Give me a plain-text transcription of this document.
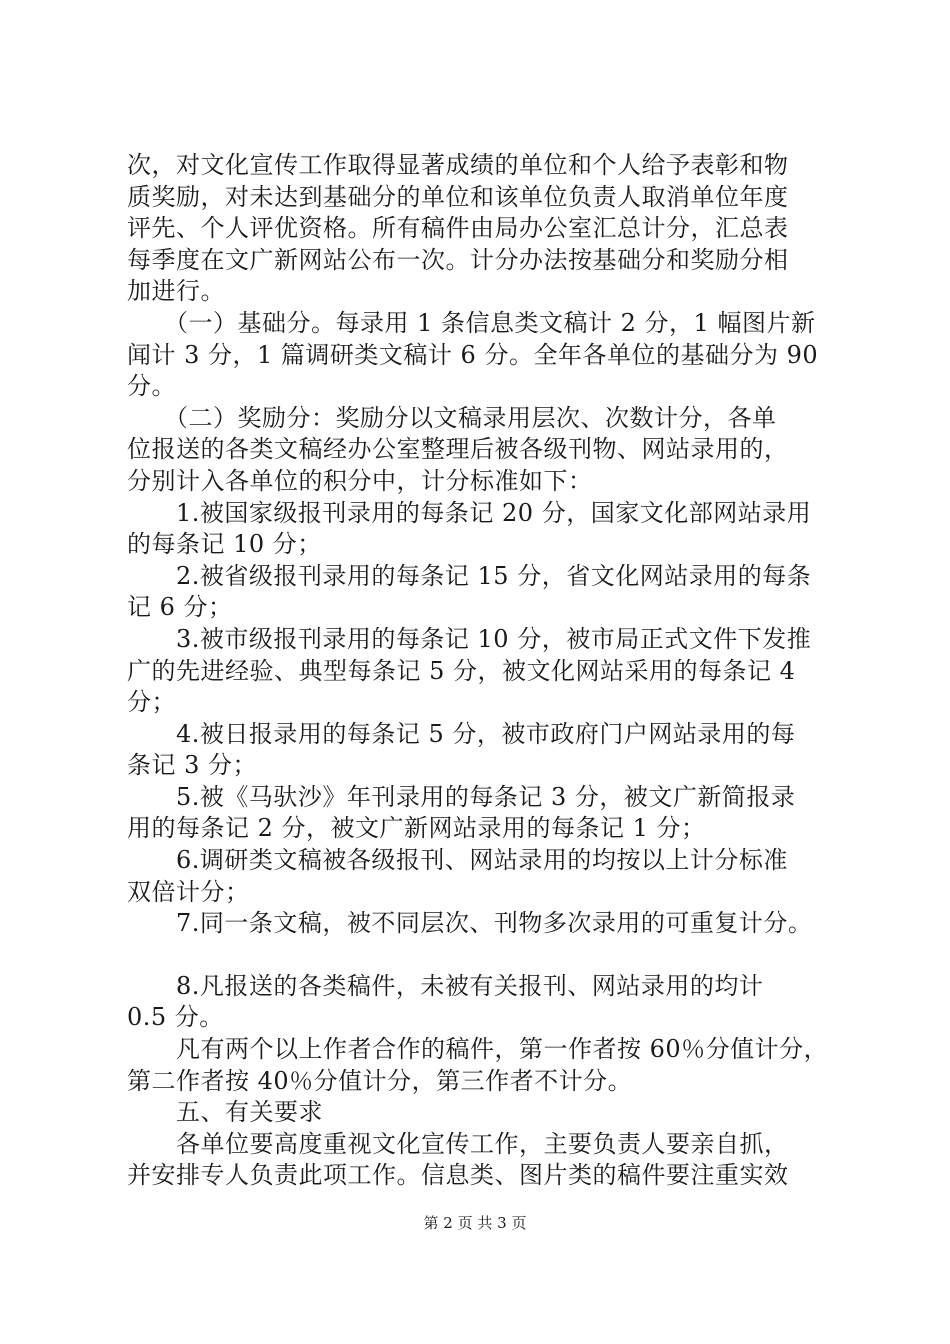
次，对文化宣传工作取得显著成绩的单位和个人给予表彰和物
质奖励，对未达到基础分的单位和该单位负责人取消单位年度
评先、个人评优资格。所有稿件由局办公室汇总计分，汇总表
每季度在文广新网站公布一次。计分办法按基础分和奖励分相
加进行。
　　（一）基础分。每录用 1 条信息类文稿计 2 分，1 幅图片新
闻计 3 分，1 篇调研类文稿计 6 分。全年各单位的基础分为 90
分。
　　（二）奖励分：奖励分以文稿录用层次、次数计分，各单
位报送的各类文稿经办公室整理后被各级刊物、网站录用的，
分别计入各单位的积分中，计分标准如下：
　　1.被国家级报刊录用的每条记 20 分，国家文化部网站录用
的每条记 10 分；
　　2.被省级报刊录用的每条记 15 分，省文化网站录用的每条
记 6 分；
　　3.被市级报刊录用的每条记 10 分，被市局正式文件下发推
广的先进经验、典型每条记 5 分，被文化网站采用的每条记 4
分；
　　4.被日报录用的每条记 5 分，被市政府门户网站录用的每
条记 3 分；
　　5.被《马驮沙》年刊录用的每条记 3 分，被文广新简报录
用的每条记 2 分，被文广新网站录用的每条记 1 分；
　　6.调研类文稿被各级报刊、网站录用的均按以上计分标准
双倍计分；
　　7.同一条文稿，被不同层次、刊物多次录用的可重复计分。
　　8.凡报送的各类稿件，未被有关报刊、网站录用的均计
0.5 分。
　　凡有两个以上作者合作的稿件，第一作者按 60％分值计分，
第二作者按 40％分值计分，第三作者不计分。
　　五、有关要求
　　各单位要高度重视文化宣传工作，主要负责人要亲自抓，
并安排专人负责此项工作。信息类、图片类的稿件要注重实效
第 2 页 共 3 页
